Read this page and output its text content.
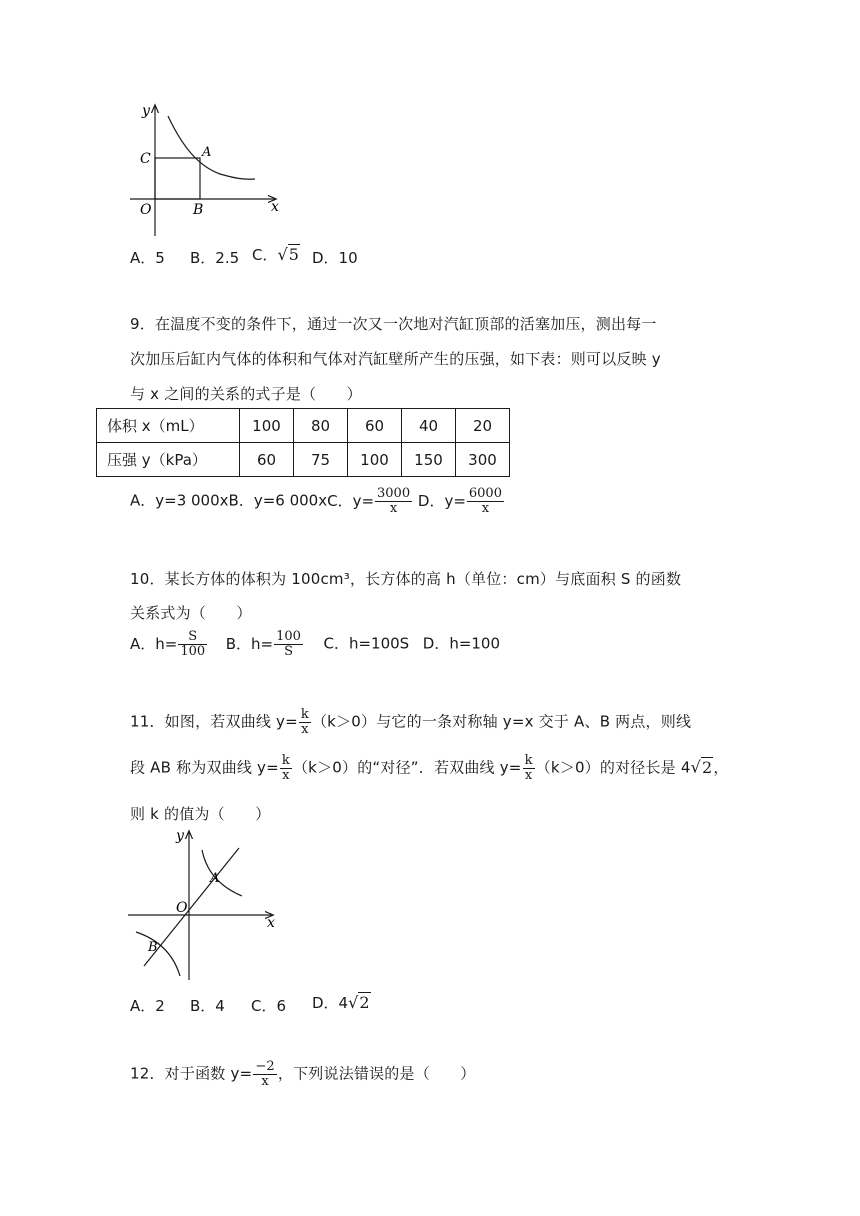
y
x
O
A
B
C
A．5 B．2.5 C．√5 D．10
9．在温度不变的条件下，通过一次又一次地对汽缸顶部的活塞加压，测出每一
次加压后缸内气体的体积和气体对汽缸壁所产生的压强，如下表：则可以反映 y
与 x 之间的关系的式子是（　　）
体积 x（mL）	100	80	60	40	20
压强 y（kPa）	60	75	100	150	300
A．y=3 000xB．y=6 000xC．$y= \frac{3000}{x}$ D．$y= \frac{6000}{x}$
10．某长方体的体积为 100cm³，长方体的高 h（单位：cm）与底面积 S 的函数
关系式为（　　）
A．$h= \frac{S}{100}$ B．$h= \frac{100}{S}$ C．h=100S D．h=100
11．如图，若双曲线 $y= \frac{k}{x} (k>0)$与它的一条对称轴 y=x 交于 A、B 两点，则线
段 AB 称为双曲线 $y= \frac{k}{x} (k>0)$的“对径”．若双曲线 $y= \frac{k}{x} (k>0)$的对径长是 4√2，
则 k 的值为（　　）
y
x
O
A
B
A．2 B．4 C．6 D．4√2
12．对于函数 $y= \frac{-2}{x}$ ，下列说法错误的是（　　）
